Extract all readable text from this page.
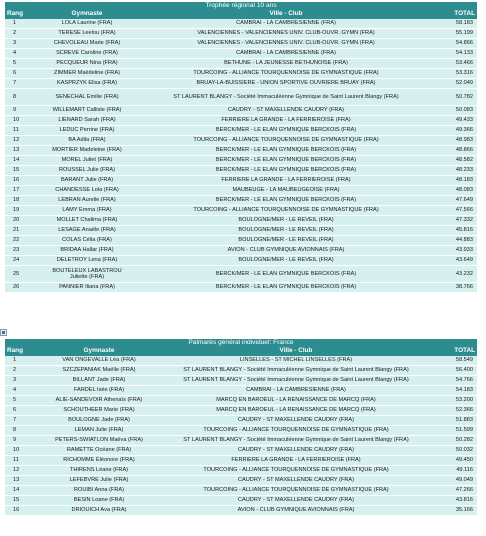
Trophée régional 10 ans			
Rang	Gymnaste	Ville - Club	TOTAL
1	LOLA Laurine (FRA)	CAMBRAI - LA CAMBRESIENNE (FRA)	58.183
2	TERESE Leelou (FRA)	VALENCIENNES - VALENCIENNES UNIV. CLUB-OUVR. GYMN (FRA)	55.199
3	CHEVOLEAU Marie (FRA)	VALENCIENNES - VALENCIENNES UNIV. CLUB-OUVR. GYMN (FRA)	54.866
4	SCREVE Caroline (FRA)	CAMBRAI - LA CAMBRESIENNE (FRA)	54.133
5	PECQUEUR Nina (FRA)	BETHUNE - LA JEUNESSE BETHUNOISE (FRA)	53.466
6	ZIMMER Maëdeline (FRA)	TOURCOING - ALLIANCE TOURQUENNOISE DE GYMNASTIQUE (FRA)	53.316
7	KASPRZYK Elisa (FRA)	BRUAY-LA-BUISSIERE - UNION SPORTIVE OUVRIERE BRUAY (FRA)	52.049
8	SENECHAL Emilie (FRA)	ST LAURENT BLANGY - Société Immaculéenne Gymnique de Saint Laurent Blangy (FRA)	50.782
9	WILLEMART Calliste (FRA)	CAUDRY - ST MAXELLENDE CAUDRY (FRA)	50.083
10	LIENARD Sarah (FRA)	FERRIERE LA GRANDE - LA FERRIEROISE (FRA)	49.433
11	LEDUC Perrine (FRA)	BERCK/MER - LE ELAN GYMNIQUE BERCKOIS (FRA)	49.366
12	BA Adila (FRA)	TOURCOING - ALLIANCE TOURQUENNOISE DE GYMNASTIQUE (FRA)	48.983
13	MORTIER Madeleine (FRA)	BERCK/MER - LE ELAN GYMNIQUE BERCKOIS (FRA)	48.866
14	MOREL Juliet (FRA)	BERCK/MER - LE ELAN GYMNIQUE BERCKOIS (FRA)	48.582
15	ROUSSEL Julie (FRA)	BERCK/MER - LE ELAN GYMNIQUE BERCKOIS (FRA)	48.233
16	BARANT Julie (FRA)	FERRIERE LA GRANDE - LA FERRIEROISE (FRA)	48.183
17	CHANDESSE Lola (FRA)	MAUBEUGE - LA MAUBEUGEOISE (FRA)	48.083
18	LEBRAN Aurelie (FRA)	BERCK/MER - LE ELAN GYMNIQUE BERCKOIS (FRA)	47.649
19	LAMY Emma (FRA)	TOURCOING - ALLIANCE TOURQUENNOISE DE GYMNASTIQUE (FRA)	47.566
20	MOLLET Chalima (FRA)	BOULOGNE/MER - LE REVEIL (FRA)	47.332
21	LESAGE Anaële (FRA)	BOULOGNE/MER - LE REVEIL (FRA)	45.816
22	COLAS Célia (FRA)	BOULOGNE/MER - LE REVEIL (FRA)	44.883
23	BRIDAA Hallar (FRA)	AVION - CLUB GYMNIQUE AVIONNAIS (FRA)	43.933
24	DELETROY Lena (FRA)	BOULOGNE/MER - LE REVEIL (FRA)	43.649
25	BOUTELEUX LABASTROU Juliette (FRA)	BERCK/MER - LE ELAN GYMNIQUE BERCKOIS (FRA)	43.232
26	PANNIER Iliana (FRA)	BERCK/MER - LE ELAN GYMNIQUE BERCKOIS (FRA)	38.766
Palmarès général individuel: France			
Rang	Gymnaste	Ville - Club	TOTAL
1	VAN ONGEVALLE Léa (FRA)	LINSELLES - ST MICHEL LINSELLES (FRA)	58.549
2	SZCZEPANIAK Maëlle (FRA)	ST LAURENT BLANGY - Société Immaculéenne Gymnique de Saint Laurent Blangy (FRA)	56.400
3	BILLANT Jade (FRA)	ST LAURENT BLANGY - Société Immaculéenne Gymnique de Saint Laurent Blangy (FRA)	54.766
4	FARDEL Isée (FRA)	CAMBRAI - LA CAMBRESIENNE (FRA)	54.183
5	ALIE-SANDEVOIR Athenaïs (FRA)	MARCQ EN BAROEUL - LA RENAISSANCE DE MARCQ (FRA)	53.200
6	SCHOUTHEER Marie (FRA)	MARCQ EN BAROEUL - LA RENAISSANCE DE MARCQ (FRA)	52.366
7	BOULOGNE Jade (FRA)	CAUDRY - ST MAXELLENDE CAUDRY (FRA)	51.883
8	LEMAN Julie (FRA)	TOURCOING - ALLIANCE TOURQUENNOISE DE GYMNASTIQUE (FRA)	51.599
9	PETERS-SWIATLON Maëva (FRA)	ST LAURENT BLANGY - Société Immaculéenne Gymnique de Saint Laurent Blangy (FRA)	50.282
10	RAMETTE Océane (FRA)	CAUDRY - ST MAXELLENDE CAUDRY (FRA)	50.032
11	RICHOMME Éléonore (FRA)	FERRIERE LA GRANDE - LA FERRIEROISE (FRA)	49.450
12	THIRENS Léane (FRA)	TOURCOING - ALLIANCE TOURQUENNOISE DE GYMNASTIQUE (FRA)	49.116
13	LEFEBVRE Julie (FRA)	CAUDRY - ST MAXELLENDE CAUDRY (FRA)	49.049
14	ROUIBI Anna (FRA)	TOURCOING - ALLIANCE TOURQUENNOISE DE GYMNASTIQUE (FRA)	47.266
15	BESIN Loane (FRA)	CAUDRY - ST MAXELLENDE CAUDRY (FRA)	43.816
16	DRIOUICH Ava (FRA)	AVION - CLUB GYMNIQUE AVIONNAIS (FRA)	35.166
